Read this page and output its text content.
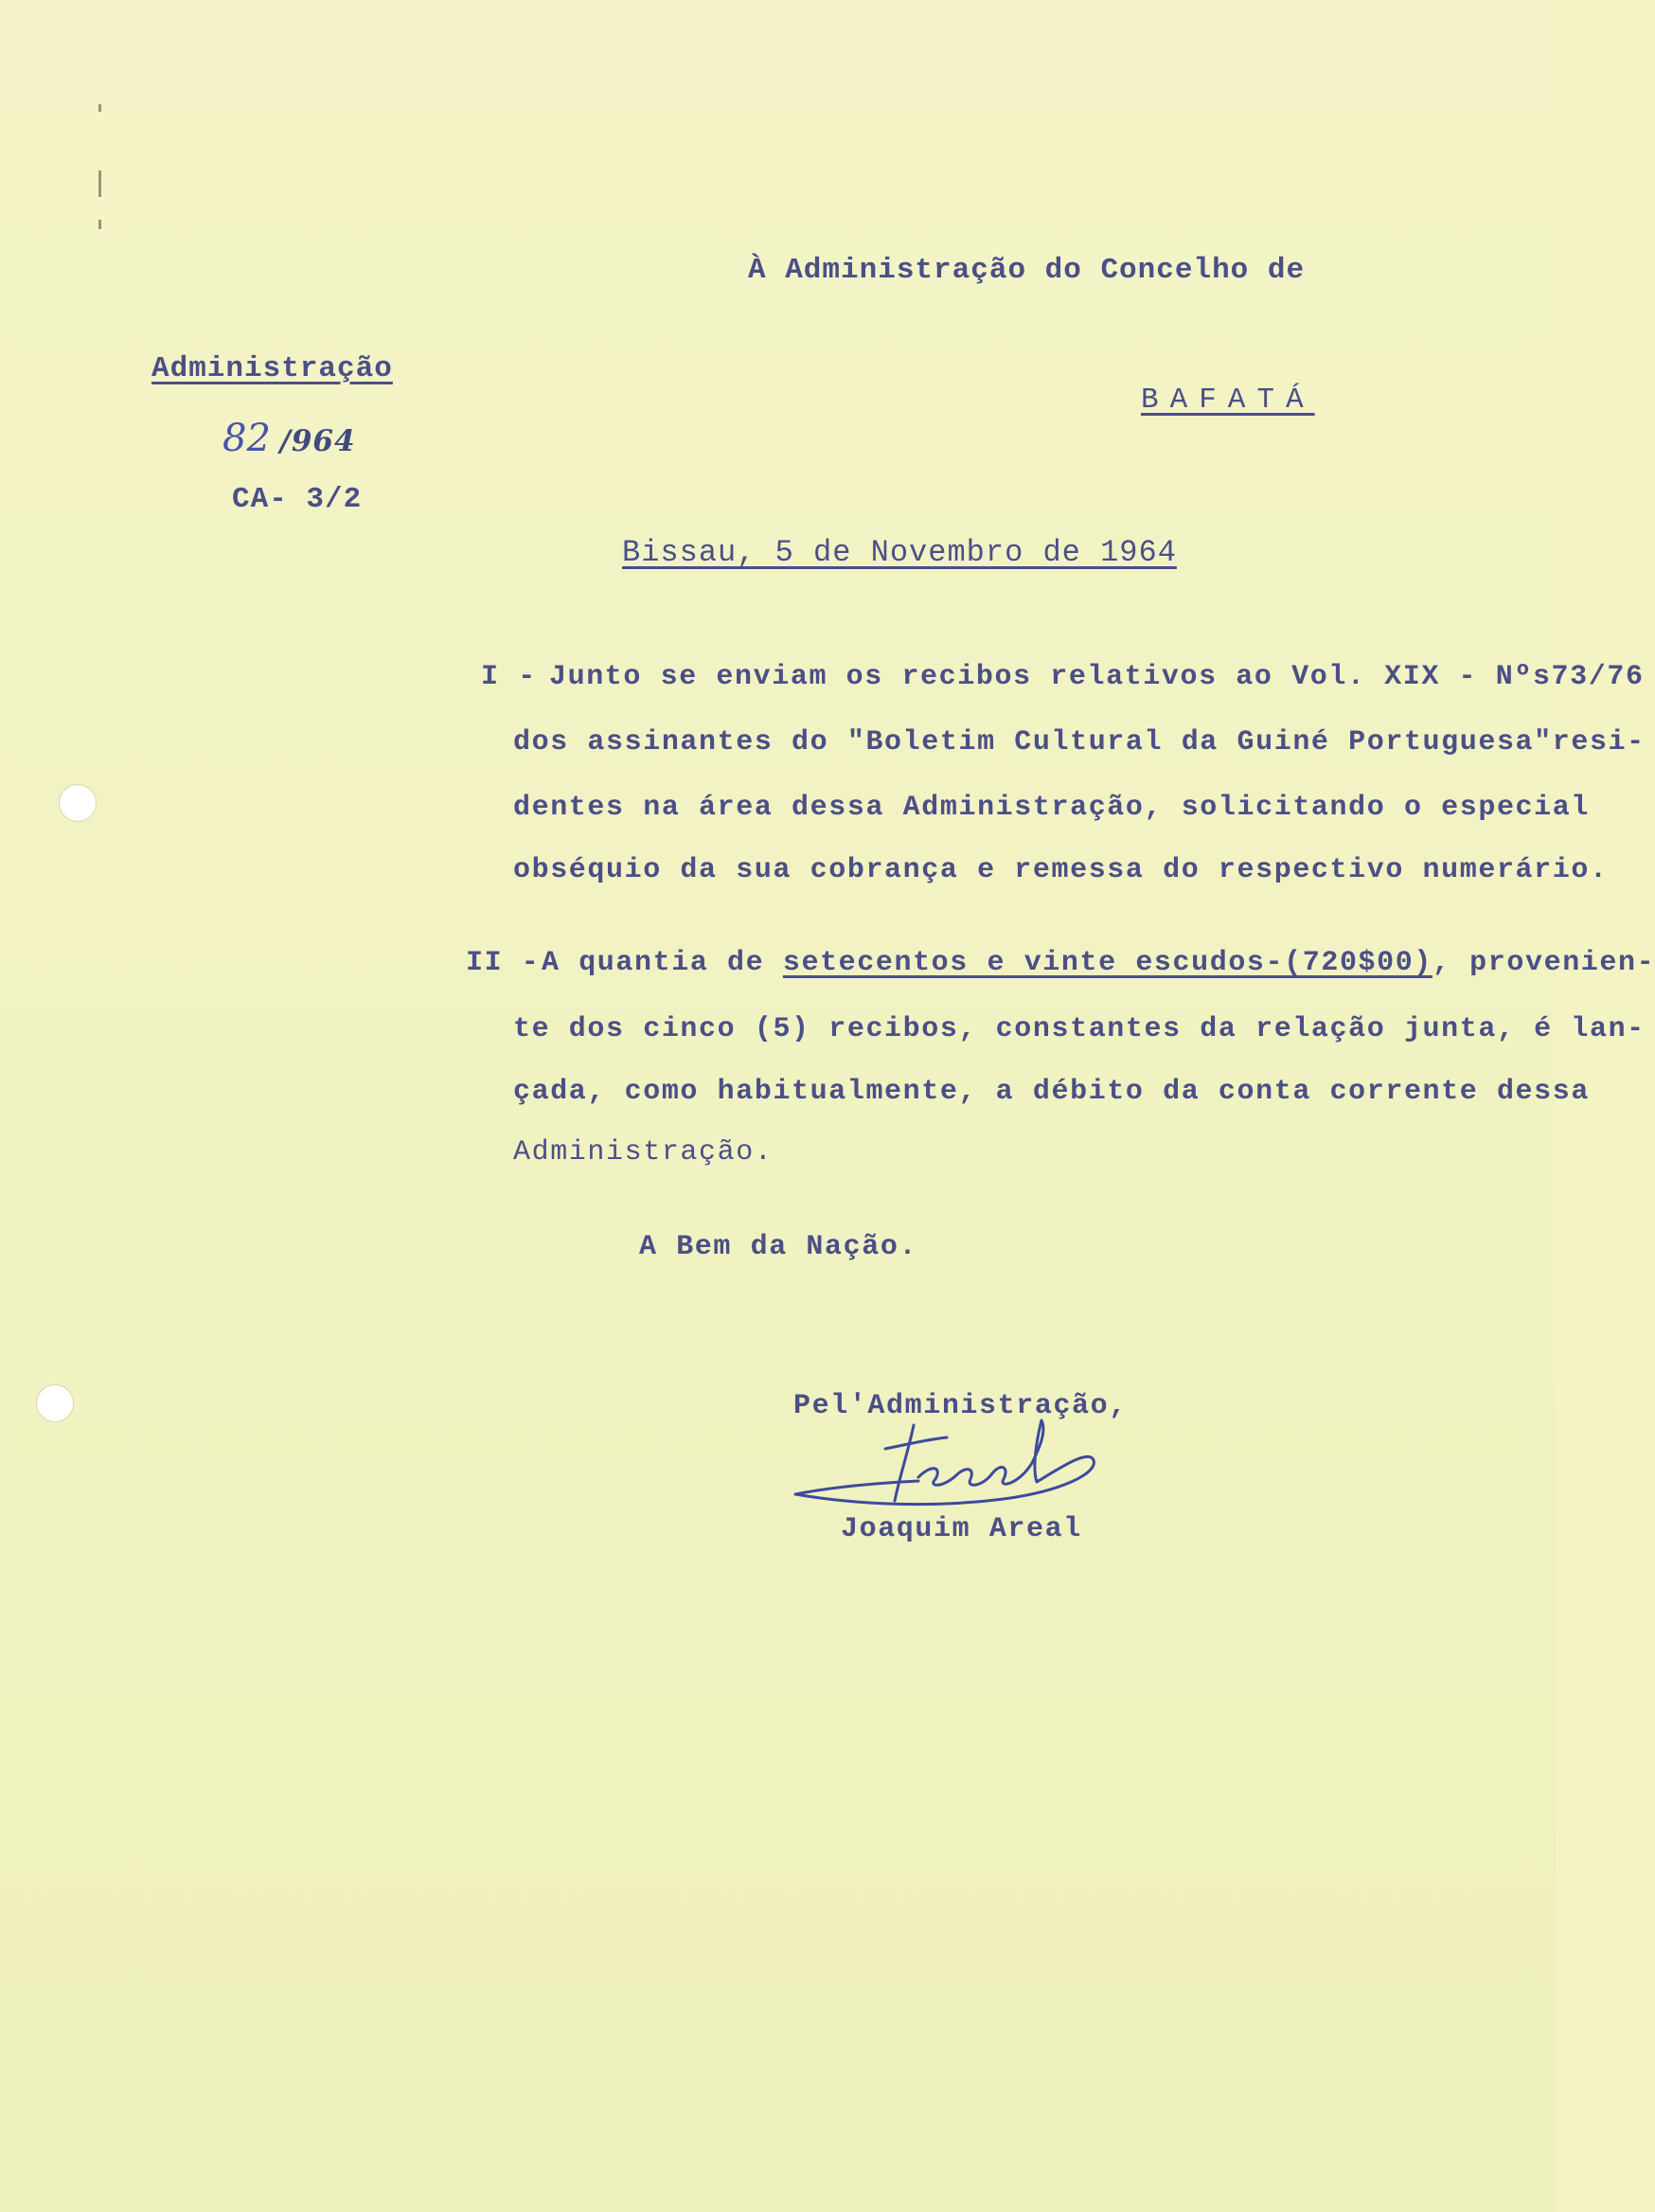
À Administração do Concelho de
BAFATÁ
Administração
82 /964
CA- 3/2
Bissau, 5 de Novembro de 1964
I - Junto se enviam os recibos relativos ao Vol. XIX - Nºs73/76
dos assinantes do "Boletim Cultural da Guiné Portuguesa"resi-
dentes na área dessa Administração, solicitando o especial
obséquio da sua cobrança e remessa do respectivo numerário.
II - A quantia de setecentos e vinte escudos-(720$00), provenien-
te dos cinco (5) recibos, constantes da relação junta, é lan-
çada, como habitualmente, a débito da conta corrente dessa
Administração.
A Bem da Nação.
Pel'Administração,
Joaquim Areal
